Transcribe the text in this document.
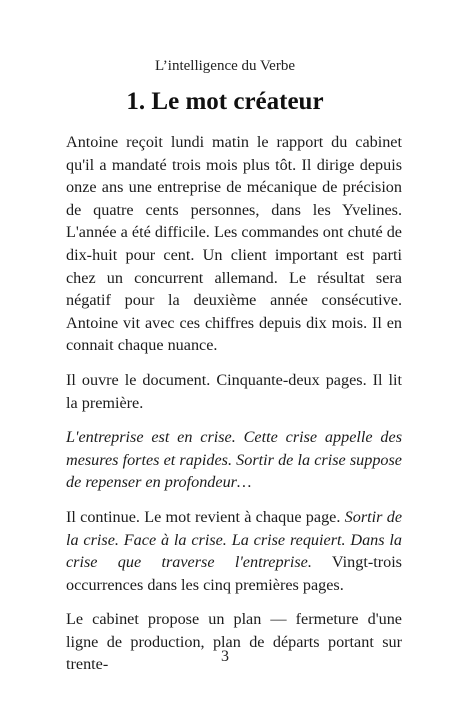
L’intelligence du Verbe
1. Le mot créateur

Antoine reçoit lundi matin le rapport du cabinet qu'il a mandaté trois mois plus tôt. Il dirige depuis onze ans une entreprise de mécanique de précision de quatre cents personnes, dans les Yvelines. L'année a été difficile. Les commandes ont chuté de dix-huit pour cent. Un client important est parti chez un concurrent allemand. Le résultat sera négatif pour la deuxième année consécutive. Antoine vit avec ces chiffres depuis dix mois. Il en connait chaque nuance.

Il ouvre le document. Cinquante-deux pages. Il lit la première.

L'entreprise est en crise. Cette crise appelle des mesures fortes et rapides. Sortir de la crise suppose de repenser en profondeur…

Il continue. Le mot revient à chaque page. Sortir de la crise. Face à la crise. La crise requiert. Dans la crise que traverse l'entreprise. Vingt-trois occurrences dans les cinq premières pages.

Le cabinet propose un plan — fermeture d'une ligne de production, plan de départs portant sur trente-	3
